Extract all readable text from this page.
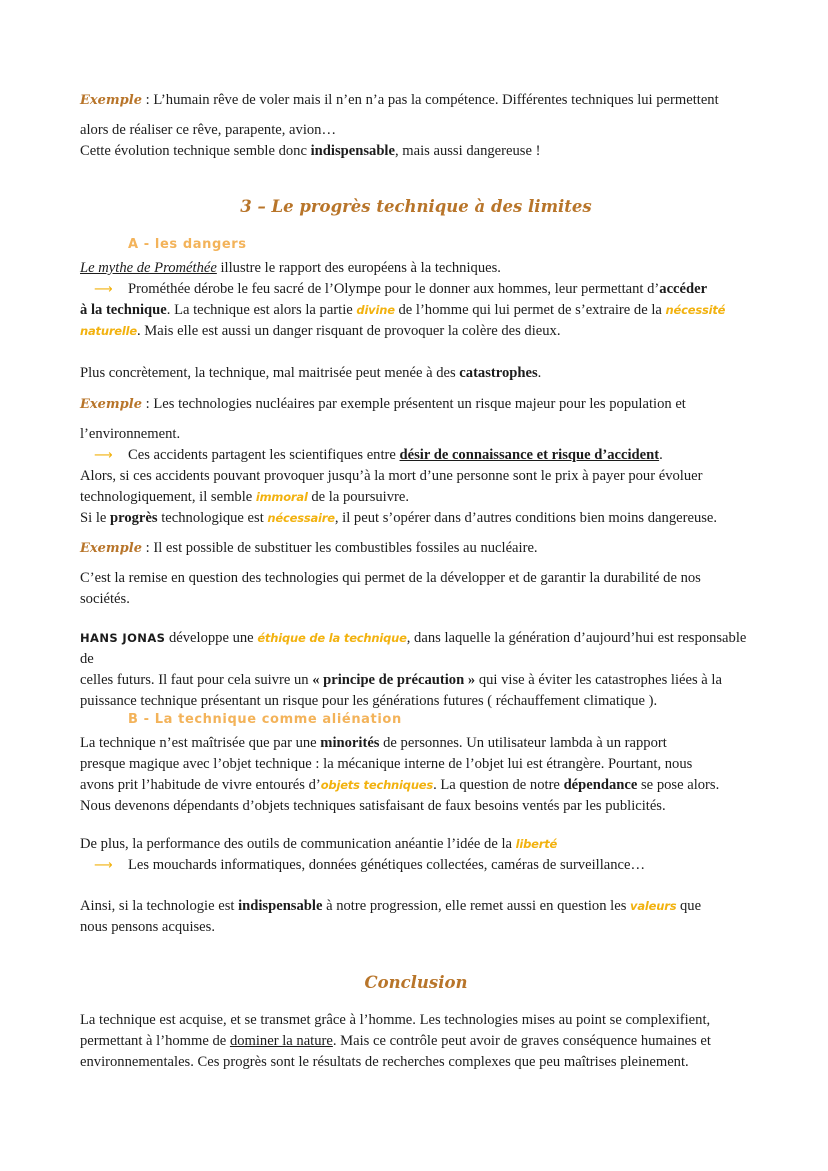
Exemple : L’humain rêve de voler mais il n’en n’a pas la compétence. Différentes techniques lui permettent

alors de réaliser ce rêve, parapente, avion…
Cette évolution technique semble donc indispensable, mais aussi dangereuse !

3 – Le progrès technique à des limites
A - les dangers

Le mythe de Prométhée illustre le rapport des européens à la techniques.
⟶ Prométhée dérobe le feu sacré de l’Olympe pour le donner aux hommes, leur permettant d’accéder
à la technique. La technique est alors la partie divine de l’homme qui lui permet de s’extraire de la nécessité
naturelle. Mais elle est aussi un danger risquant de provoquer la colère des dieux.

Plus concrètement, la technique, mal maitrisée peut menée à des catastrophes.

Exemple : Les technologies nucléaires par exemple présentent un risque majeur pour les population et

l’environnement.
⟶ Ces accidents partagent les scientifiques entre désir de connaissance et risque d’accident.
Alors, si ces accidents pouvant provoquer jusqu’à la mort d’une personne sont le prix à payer pour évoluer
technologiquement, il semble immoral de la poursuivre.
Si le progrès technologique est nécessaire, il peut s’opérer dans d’autres conditions bien moins dangereuse.

Exemple : Il est possible de substituer les combustibles fossiles au nucléaire.

C’est la remise en question des technologies qui permet de la développer et de garantir la durabilité de nos
sociétés.

HANS JONAS développe une éthique de la technique, dans laquelle la génération d’aujourd’hui est responsable de
celles futurs. Il faut pour cela suivre un « principe de précaution » qui vise à éviter les catastrophes liées à la
puissance technique présentant un risque pour les générations futures ( réchauffement climatique ).

B - La technique comme aliénation

La technique n’est maîtrisée que par une minorités de personnes. Un utilisateur lambda à un rapport
presque magique avec l’objet technique : la mécanique interne de l’objet lui est étrangère. Pourtant, nous
avons prit l’habitude de vivre entourés d’objets techniques. La question de notre dépendance se pose alors.
Nous devenons dépendants d’objets techniques satisfaisant de faux besoins ventés par les publicités.

De plus, la performance des outils de communication anéantie l’idée de la liberté
⟶ Les mouchards informatiques, données génétiques collectées, caméras de surveillance…

Ainsi, si la technologie est indispensable à notre progression, elle remet aussi en question les valeurs que
nous pensons acquises.

Conclusion

La technique est acquise, et se transmet grâce à l’homme. Les technologies mises au point se complexifient,
permettant à l’homme de dominer la nature. Mais ce contrôle peut avoir de graves conséquence humaines et
environnementales. Ces progrès sont le résultats de recherches complexes que peu maîtrises pleinement.
